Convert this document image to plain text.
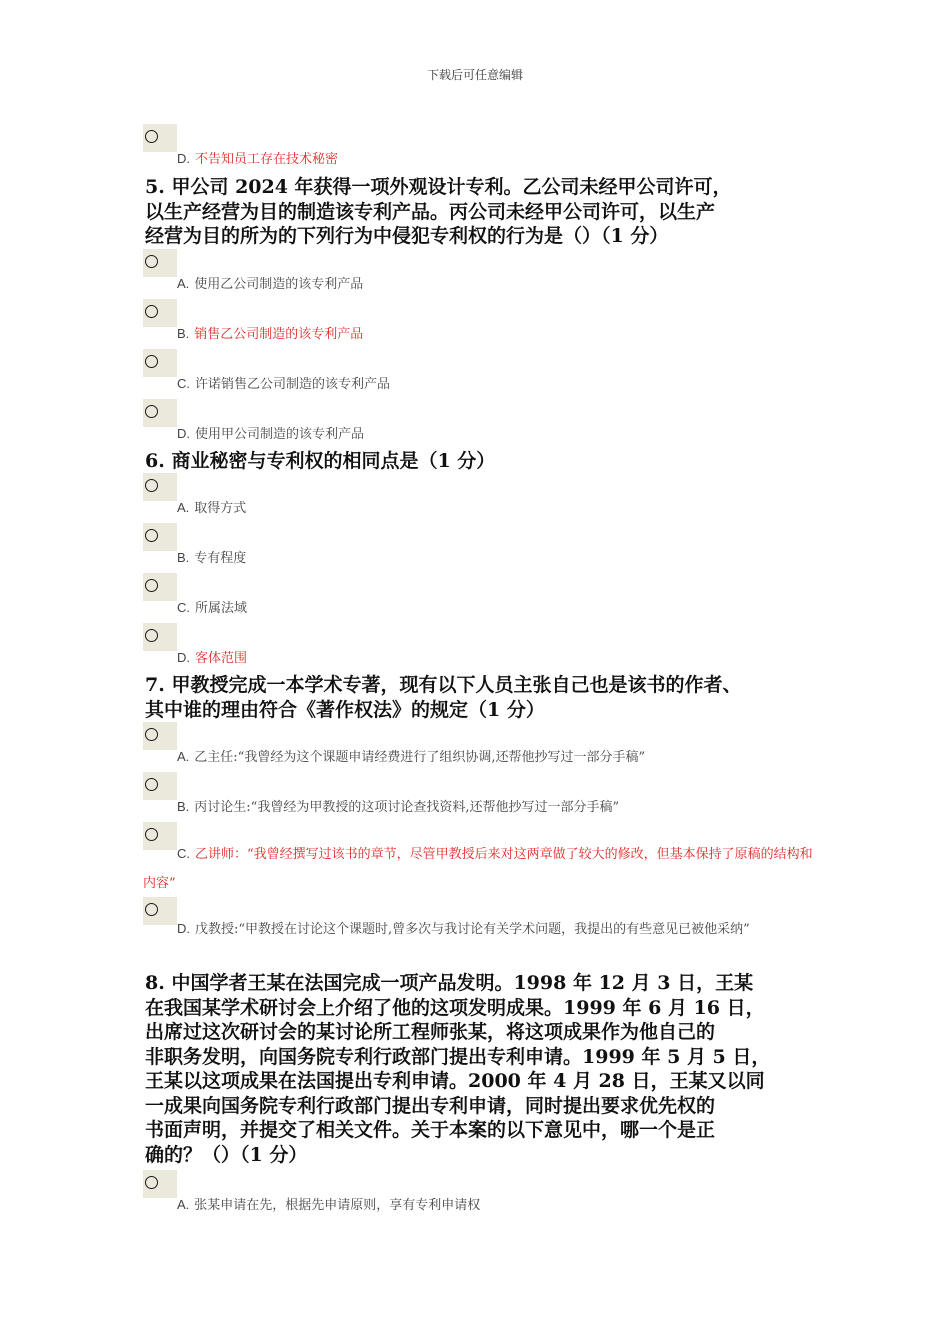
下载后可任意编辑
D. 不告知员工存在技术秘密
5. 甲公司 2024 年获得一项外观设计专利。乙公司未经甲公司许可，
以生产经营为目的制造该专利产品。丙公司未经甲公司许可，以生产
经营为目的所为的下列行为中侵犯专利权的行为是（）（1 分）
A. 使用乙公司制造的该专利产品
B. 销售乙公司制造的该专利产品
C. 许诺销售乙公司制造的该专利产品
D. 使用甲公司制造的该专利产品
6. 商业秘密与专利权的相同点是（1 分）
A. 取得方式
B. 专有程度
C. 所属法域
D. 客体范围
7. 甲教授完成一本学术专著，现有以下人员主张自己也是该书的作者、
其中谁的理由符合《著作权法》的规定（1 分）
A. 乙主任:“我曾经为这个课题申请经费进行了组织协调,还帮他抄写过一部分手稿”
B. 丙讨论生:“我曾经为甲教授的这项讨论查找资料,还帮他抄写过一部分手稿”
C. 乙讲师：“我曾经撰写过该书的章节，尽管甲教授后来对这两章做了较大的修改，但基本保持了原稿的结构和内容”
D. 戊教授:“甲教授在讨论这个课题时,曾多次与我讨论有关学术问题，我提出的有些意见已被他采纳”
8. 中国学者王某在法国完成一项产品发明。1998 年 12 月 3 日，王某
在我国某学术研讨会上介绍了他的这项发明成果。1999 年 6 月 16 日，
出席过这次研讨会的某讨论所工程师张某，将这项成果作为他自己的
非职务发明，向国务院专利行政部门提出专利申请。1999 年 5 月 5 日，
王某以这项成果在法国提出专利申请。2000 年 4 月 28 日，王某又以同
一成果向国务院专利行政部门提出专利申请，同时提出要求优先权的
书面声明，并提交了相关文件。关于本案的以下意见中，哪一个是正
确的？（）（1 分）
A. 张某申请在先，根据先申请原则，享有专利申请权
